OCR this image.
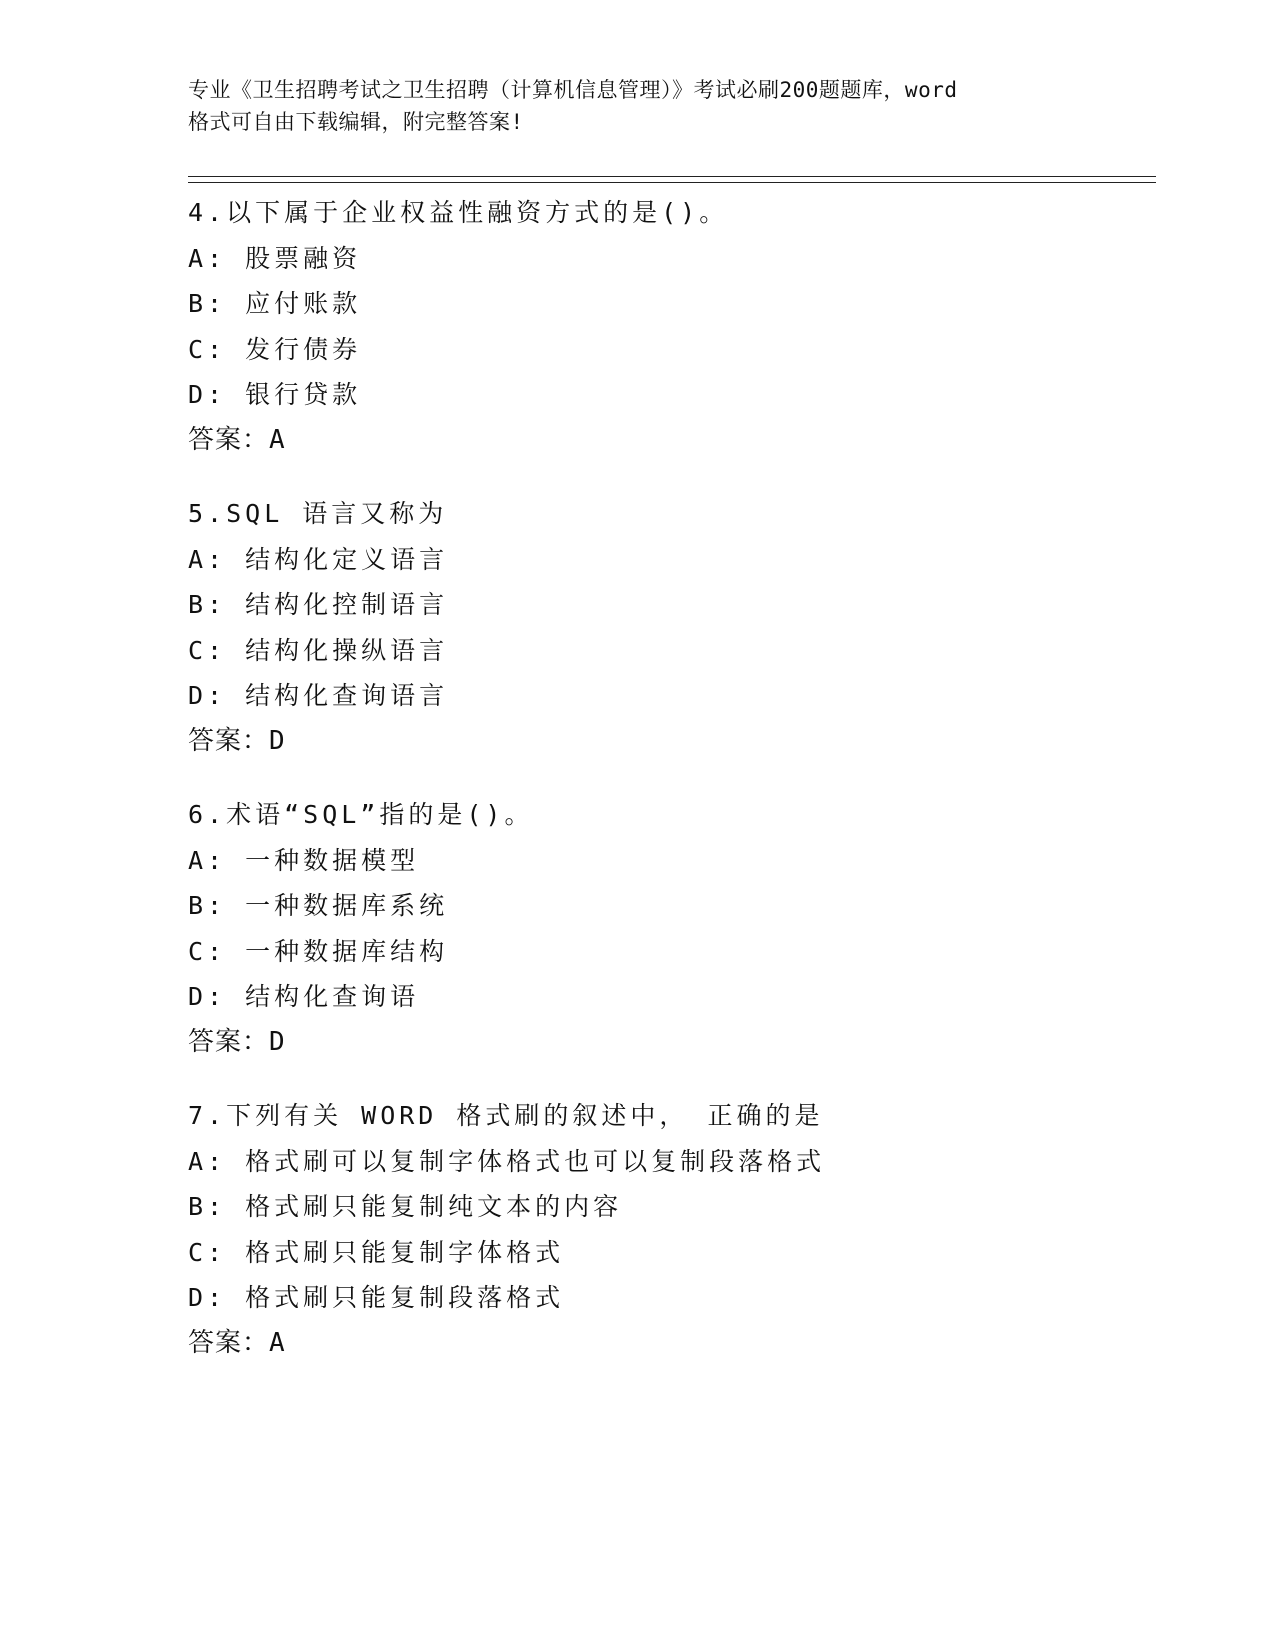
专业《卫生招聘考试之卫生招聘（计算机信息管理）》考试必刷200题题库，word
格式可自由下载编辑，附完整答案!
4.以下属于企业权益性融资方式的是()。
A: 股票融资
B: 应付账款
C: 发行债券
D: 银行贷款
答案：A
5.SQL 语言又称为
A: 结构化定义语言
B: 结构化控制语言
C: 结构化操纵语言
D: 结构化查询语言
答案：D
6.术语“SQL”指的是()。
A: 一种数据模型
B: 一种数据库系统
C: 一种数据库结构
D: 结构化查询语
答案：D
7.下列有关 WORD 格式刷的叙述中， 正确的是
A: 格式刷可以复制字体格式也可以复制段落格式
B: 格式刷只能复制纯文本的内容
C: 格式刷只能复制字体格式
D: 格式刷只能复制段落格式
答案：A
